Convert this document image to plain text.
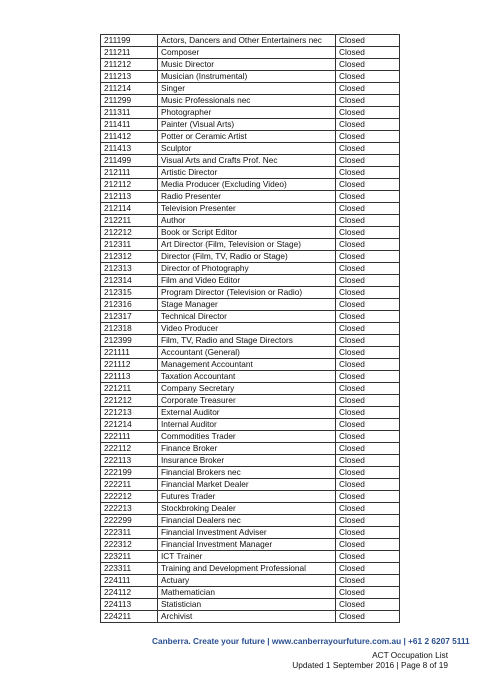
211199	Actors, Dancers and Other Entertainers nec	Closed
211211	Composer	Closed
211212	Music Director	Closed
211213	Musician (Instrumental)	Closed
211214	Singer	Closed
211299	Music Professionals nec	Closed
211311	Photographer	Closed
211411	Painter (Visual Arts)	Closed
211412	Potter or Ceramic Artist	Closed
211413	Sculptor	Closed
211499	Visual Arts and Crafts Prof. Nec	Closed
212111	Artistic Director	Closed
212112	Media Producer (Excluding Video)	Closed
212113	Radio Presenter	Closed
212114	Television Presenter	Closed
212211	Author	Closed
212212	Book or Script Editor	Closed
212311	Art Director (Film, Television or Stage)	Closed
212312	Director (Film, TV, Radio or Stage)	Closed
212313	Director of Photography	Closed
212314	Film and Video Editor	Closed
212315	Program Director (Television or Radio)	Closed
212316	Stage Manager	Closed
212317	Technical Director	Closed
212318	Video Producer	Closed
212399	Film, TV, Radio and Stage Directors	Closed
221111	Accountant (General)	Closed
221112	Management Accountant	Closed
221113	Taxation Accountant	Closed
221211	Company Secretary	Closed
221212	Corporate Treasurer	Closed
221213	External Auditor	Closed
221214	Internal Auditor	Closed
222111	Commodities Trader	Closed
222112	Finance Broker	Closed
222113	Insurance Broker	Closed
222199	Financial Brokers nec	Closed
222211	Financial Market Dealer	Closed
222212	Futures Trader	Closed
222213	Stockbroking Dealer	Closed
222299	Financial Dealers nec	Closed
222311	Financial Investment Adviser	Closed
222312	Financial Investment Manager	Closed
223211	ICT Trainer	Closed
223311	Training and Development Professional	Closed
224111	Actuary	Closed
224112	Mathematician	Closed
224113	Statistician	Closed
224211	Archivist	Closed
Canberra. Create your future | www.canberrayourfuture.com.au | +61 2 6207 5111
ACT Occupation List
Updated 1 September 2016 | Page 8 of 19
